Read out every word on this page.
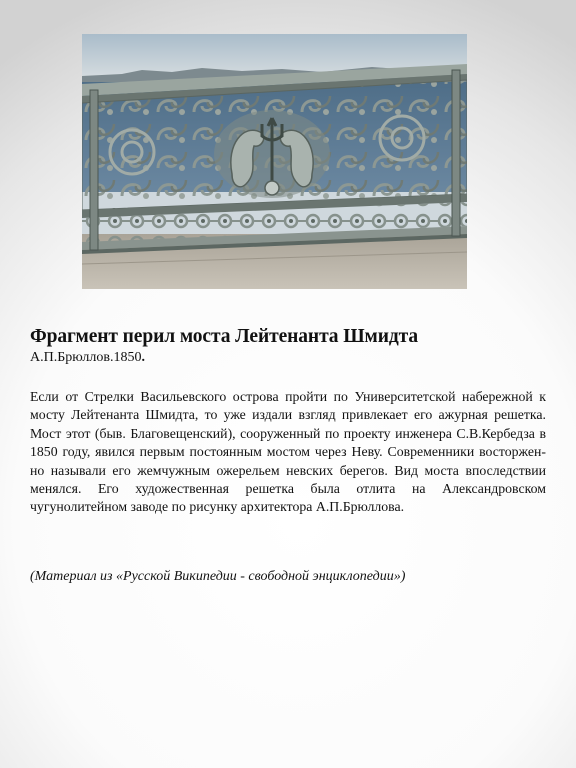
Фрагмент перил моста Лейтенанта Шмидта
А.П.Брюллов.1850.

Если от Стрелки Васильевского острова пройти по Университетской набережной к мосту Лейтенанта Шмидта, то уже издали взгляд привлекает его ажурная решетка. Мост этот (быв. Благовещенский), сооруженный по проекту инженера С.В.Кербедза в 1850 году, явился первым постоянным мостом через Неву. Современники восторжен-но называли его жемчужным ожерельем невских берегов. Вид моста впоследствии менялся. Его художественная решетка была отлита на Александровском чугунолитейном заводе по рисунку архитектора А.П.Брюллова.

(Материал из «Русской Википедии - свободной энциклопедии»)
